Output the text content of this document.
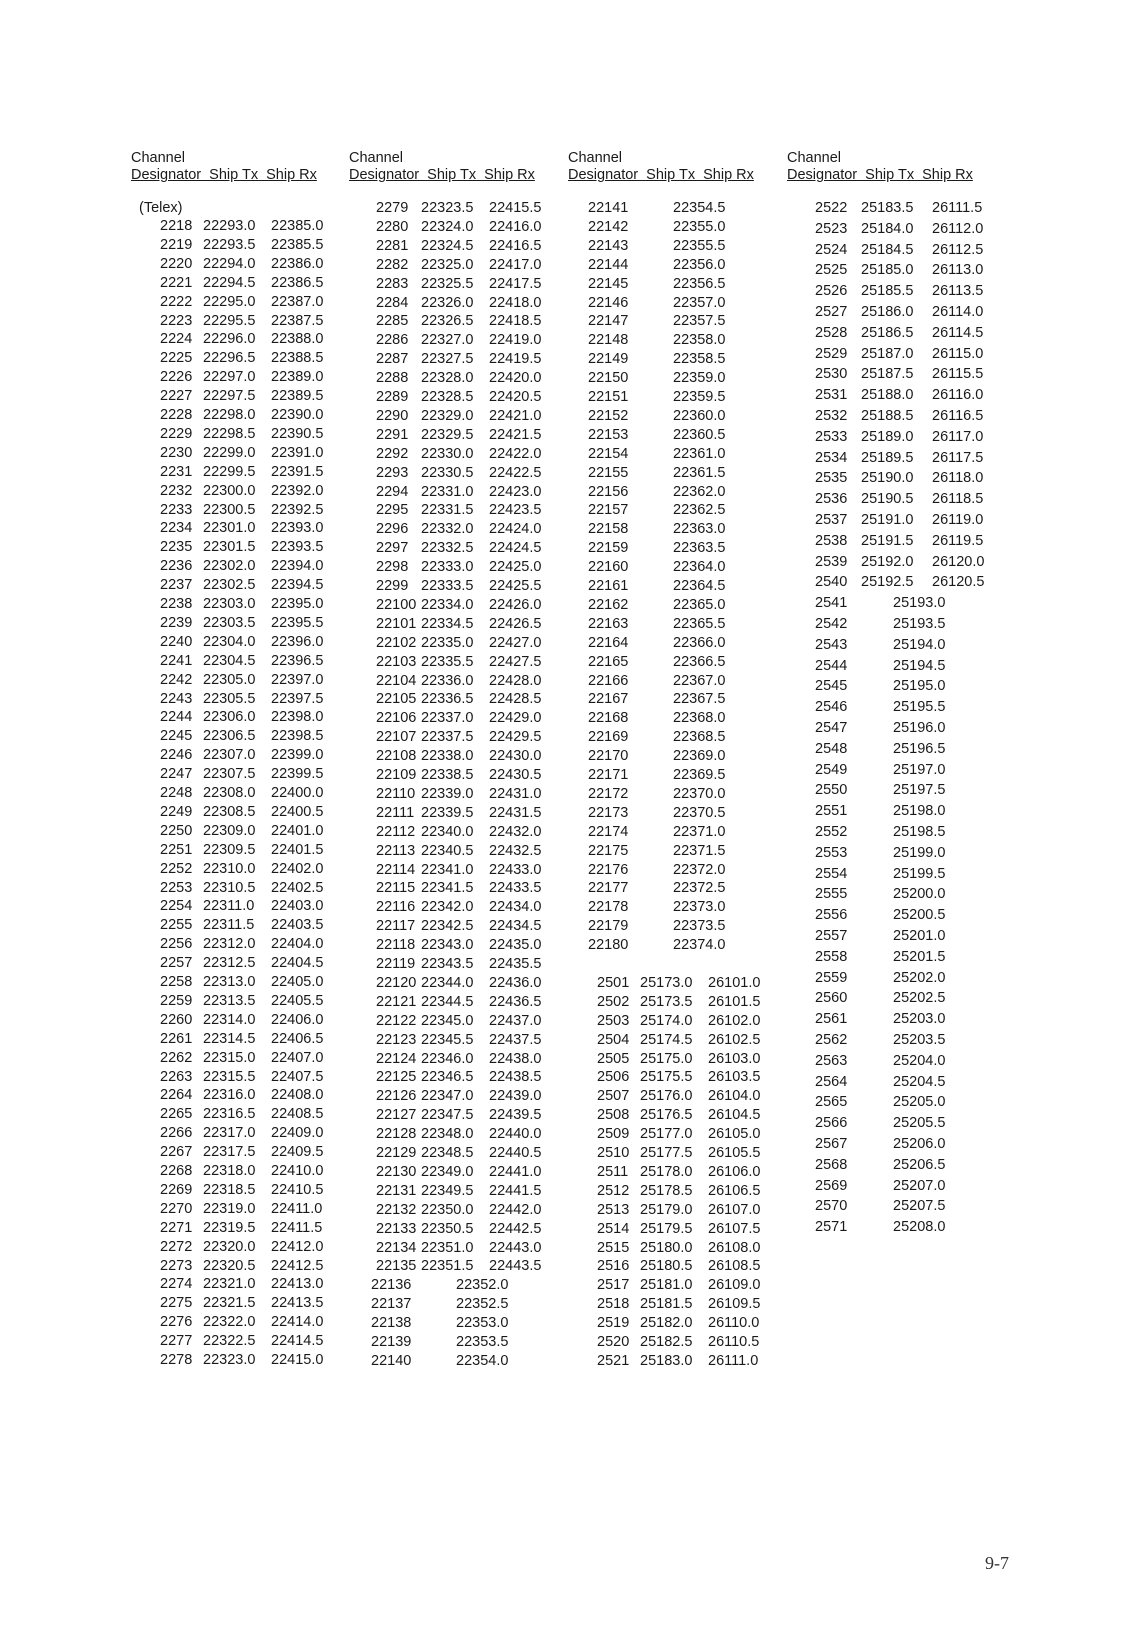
Channel
Designator  Ship Tx  Ship Rx
(Telex)
2218 22293.0 22385.0
2219 22293.5 22385.5
2220 22294.0 22386.0
2221 22294.5 22386.5
2222 22295.0 22387.0
2223 22295.5 22387.5
2224 22296.0 22388.0
2225 22296.5 22388.5
2226 22297.0 22389.0
2227 22297.5 22389.5
2228 22298.0 22390.0
2229 22298.5 22390.5
2230 22299.0 22391.0
2231 22299.5 22391.5
2232 22300.0 22392.0
2233 22300.5 22392.5
2234 22301.0 22393.0
2235 22301.5 22393.5
2236 22302.0 22394.0
2237 22302.5 22394.5
2238 22303.0 22395.0
2239 22303.5 22395.5
2240 22304.0 22396.0
2241 22304.5 22396.5
2242 22305.0 22397.0
2243 22305.5 22397.5
2244 22306.0 22398.0
2245 22306.5 22398.5
2246 22307.0 22399.0
2247 22307.5 22399.5
2248 22308.0 22400.0
2249 22308.5 22400.5
2250 22309.0 22401.0
2251 22309.5 22401.5
2252 22310.0 22402.0
2253 22310.5 22402.5
2254 22311.0 22403.0
2255 22311.5 22403.5
2256 22312.0 22404.0
2257 22312.5 22404.5
2258 22313.0 22405.0
2259 22313.5 22405.5
2260 22314.0 22406.0
2261 22314.5 22406.5
2262 22315.0 22407.0
2263 22315.5 22407.5
2264 22316.0 22408.0
2265 22316.5 22408.5
2266 22317.0 22409.0
2267 22317.5 22409.5
2268 22318.0 22410.0
2269 22318.5 22410.5
2270 22319.0 22411.0
2271 22319.5 22411.5
2272 22320.0 22412.0
2273 22320.5 22412.5
2274 22321.0 22413.0
2275 22321.5 22413.5
2276 22322.0 22414.0
2277 22322.5 22414.5
2278 22323.0 22415.0
Channel
Designator  Ship Tx  Ship Rx
2279 22323.5 22415.5
2280 22324.0 22416.0
2281 22324.5 22416.5
2282 22325.0 22417.0
2283 22325.5 22417.5
2284 22326.0 22418.0
2285 22326.5 22418.5
2286 22327.0 22419.0
2287 22327.5 22419.5
2288 22328.0 22420.0
2289 22328.5 22420.5
2290 22329.0 22421.0
2291 22329.5 22421.5
2292 22330.0 22422.0
2293 22330.5 22422.5
2294 22331.0 22423.0
2295 22331.5 22423.5
2296 22332.0 22424.0
2297 22332.5 22424.5
2298 22333.0 22425.0
2299 22333.5 22425.5
22100 22334.0 22426.0
22101 22334.5 22426.5
22102 22335.0 22427.0
22103 22335.5 22427.5
22104 22336.0 22428.0
22105 22336.5 22428.5
22106 22337.0 22429.0
22107 22337.5 22429.5
22108 22338.0 22430.0
22109 22338.5 22430.5
22110 22339.0 22431.0
22111 22339.5 22431.5
22112 22340.0 22432.0
22113 22340.5 22432.5
22114 22341.0 22433.0
22115 22341.5 22433.5
22116 22342.0 22434.0
22117 22342.5 22434.5
22118 22343.0 22435.0
22119 22343.5 22435.5
22120 22344.0 22436.0
22121 22344.5 22436.5
22122 22345.0 22437.0
22123 22345.5 22437.5
22124 22346.0 22438.0
22125 22346.5 22438.5
22126 22347.0 22439.0
22127 22347.5 22439.5
22128 22348.0 22440.0
22129 22348.5 22440.5
22130 22349.0 22441.0
22131 22349.5 22441.5
22132 22350.0 22442.0
22133 22350.5 22442.5
22134 22351.0 22443.0
22135 22351.5 22443.5
22136	22352.0
22137	22352.5
22138	22353.0
22139	22353.5
22140	22354.0
Channel
Designator  Ship Tx  Ship Rx
22141	22354.5
22142	22355.0
22143	22355.5
22144	22356.0
22145	22356.5
22146	22357.0
22147	22357.5
22148	22358.0
22149	22358.5
22150	22359.0
22151	22359.5
22152	22360.0
22153	22360.5
22154	22361.0
22155	22361.5
22156	22362.0
22157	22362.5
22158	22363.0
22159	22363.5
22160	22364.0
22161	22364.5
22162	22365.0
22163	22365.5
22164	22366.0
22165	22366.5
22166	22367.0
22167	22367.5
22168	22368.0
22169	22368.5
22170	22369.0
22171	22369.5
22172	22370.0
22173	22370.5
22174	22371.0
22175	22371.5
22176	22372.0
22177	22372.5
22178	22373.0
22179	22373.5
22180	22374.0
2501 25173.0 26101.0
2502 25173.5 26101.5
2503 25174.0 26102.0
2504 25174.5 26102.5
2505 25175.0 26103.0
2506 25175.5 26103.5
2507 25176.0 26104.0
2508 25176.5 26104.5
2509 25177.0 26105.0
2510 25177.5 26105.5
2511 25178.0 26106.0
2512 25178.5 26106.5
2513 25179.0 26107.0
2514 25179.5 26107.5
2515 25180.0 26108.0
2516 25180.5 26108.5
2517 25181.0 26109.0
2518 25181.5 26109.5
2519 25182.0 26110.0
2520 25182.5 26110.5
2521 25183.0 26111.0
Channel
Designator  Ship Tx  Ship Rx
2522 25183.5 26111.5
2523 25184.0 26112.0
2524 25184.5 26112.5
2525 25185.0 26113.0
2526 25185.5 26113.5
2527 25186.0 26114.0
2528 25186.5 26114.5
2529 25187.0 26115.0
2530 25187.5 26115.5
2531 25188.0 26116.0
2532 25188.5 26116.5
2533 25189.0 26117.0
2534 25189.5 26117.5
2535 25190.0 26118.0
2536 25190.5 26118.5
2537 25191.0 26119.0
2538 25191.5 26119.5
2539 25192.0 26120.0
2540 25192.5 26120.5
2541	25193.0
2542	25193.5
2543	25194.0
2544	25194.5
2545	25195.0
2546	25195.5
2547	25196.0
2548	25196.5
2549	25197.0
2550	25197.5
2551	25198.0
2552	25198.5
2553	25199.0
2554	25199.5
2555	25200.0
2556	25200.5
2557	25201.0
2558	25201.5
2559	25202.0
2560	25202.5
2561	25203.0
2562	25203.5
2563	25204.0
2564	25204.5
2565	25205.0
2566	25205.5
2567	25206.0
2568	25206.5
2569	25207.0
2570	25207.5
2571	25208.0
9-7
